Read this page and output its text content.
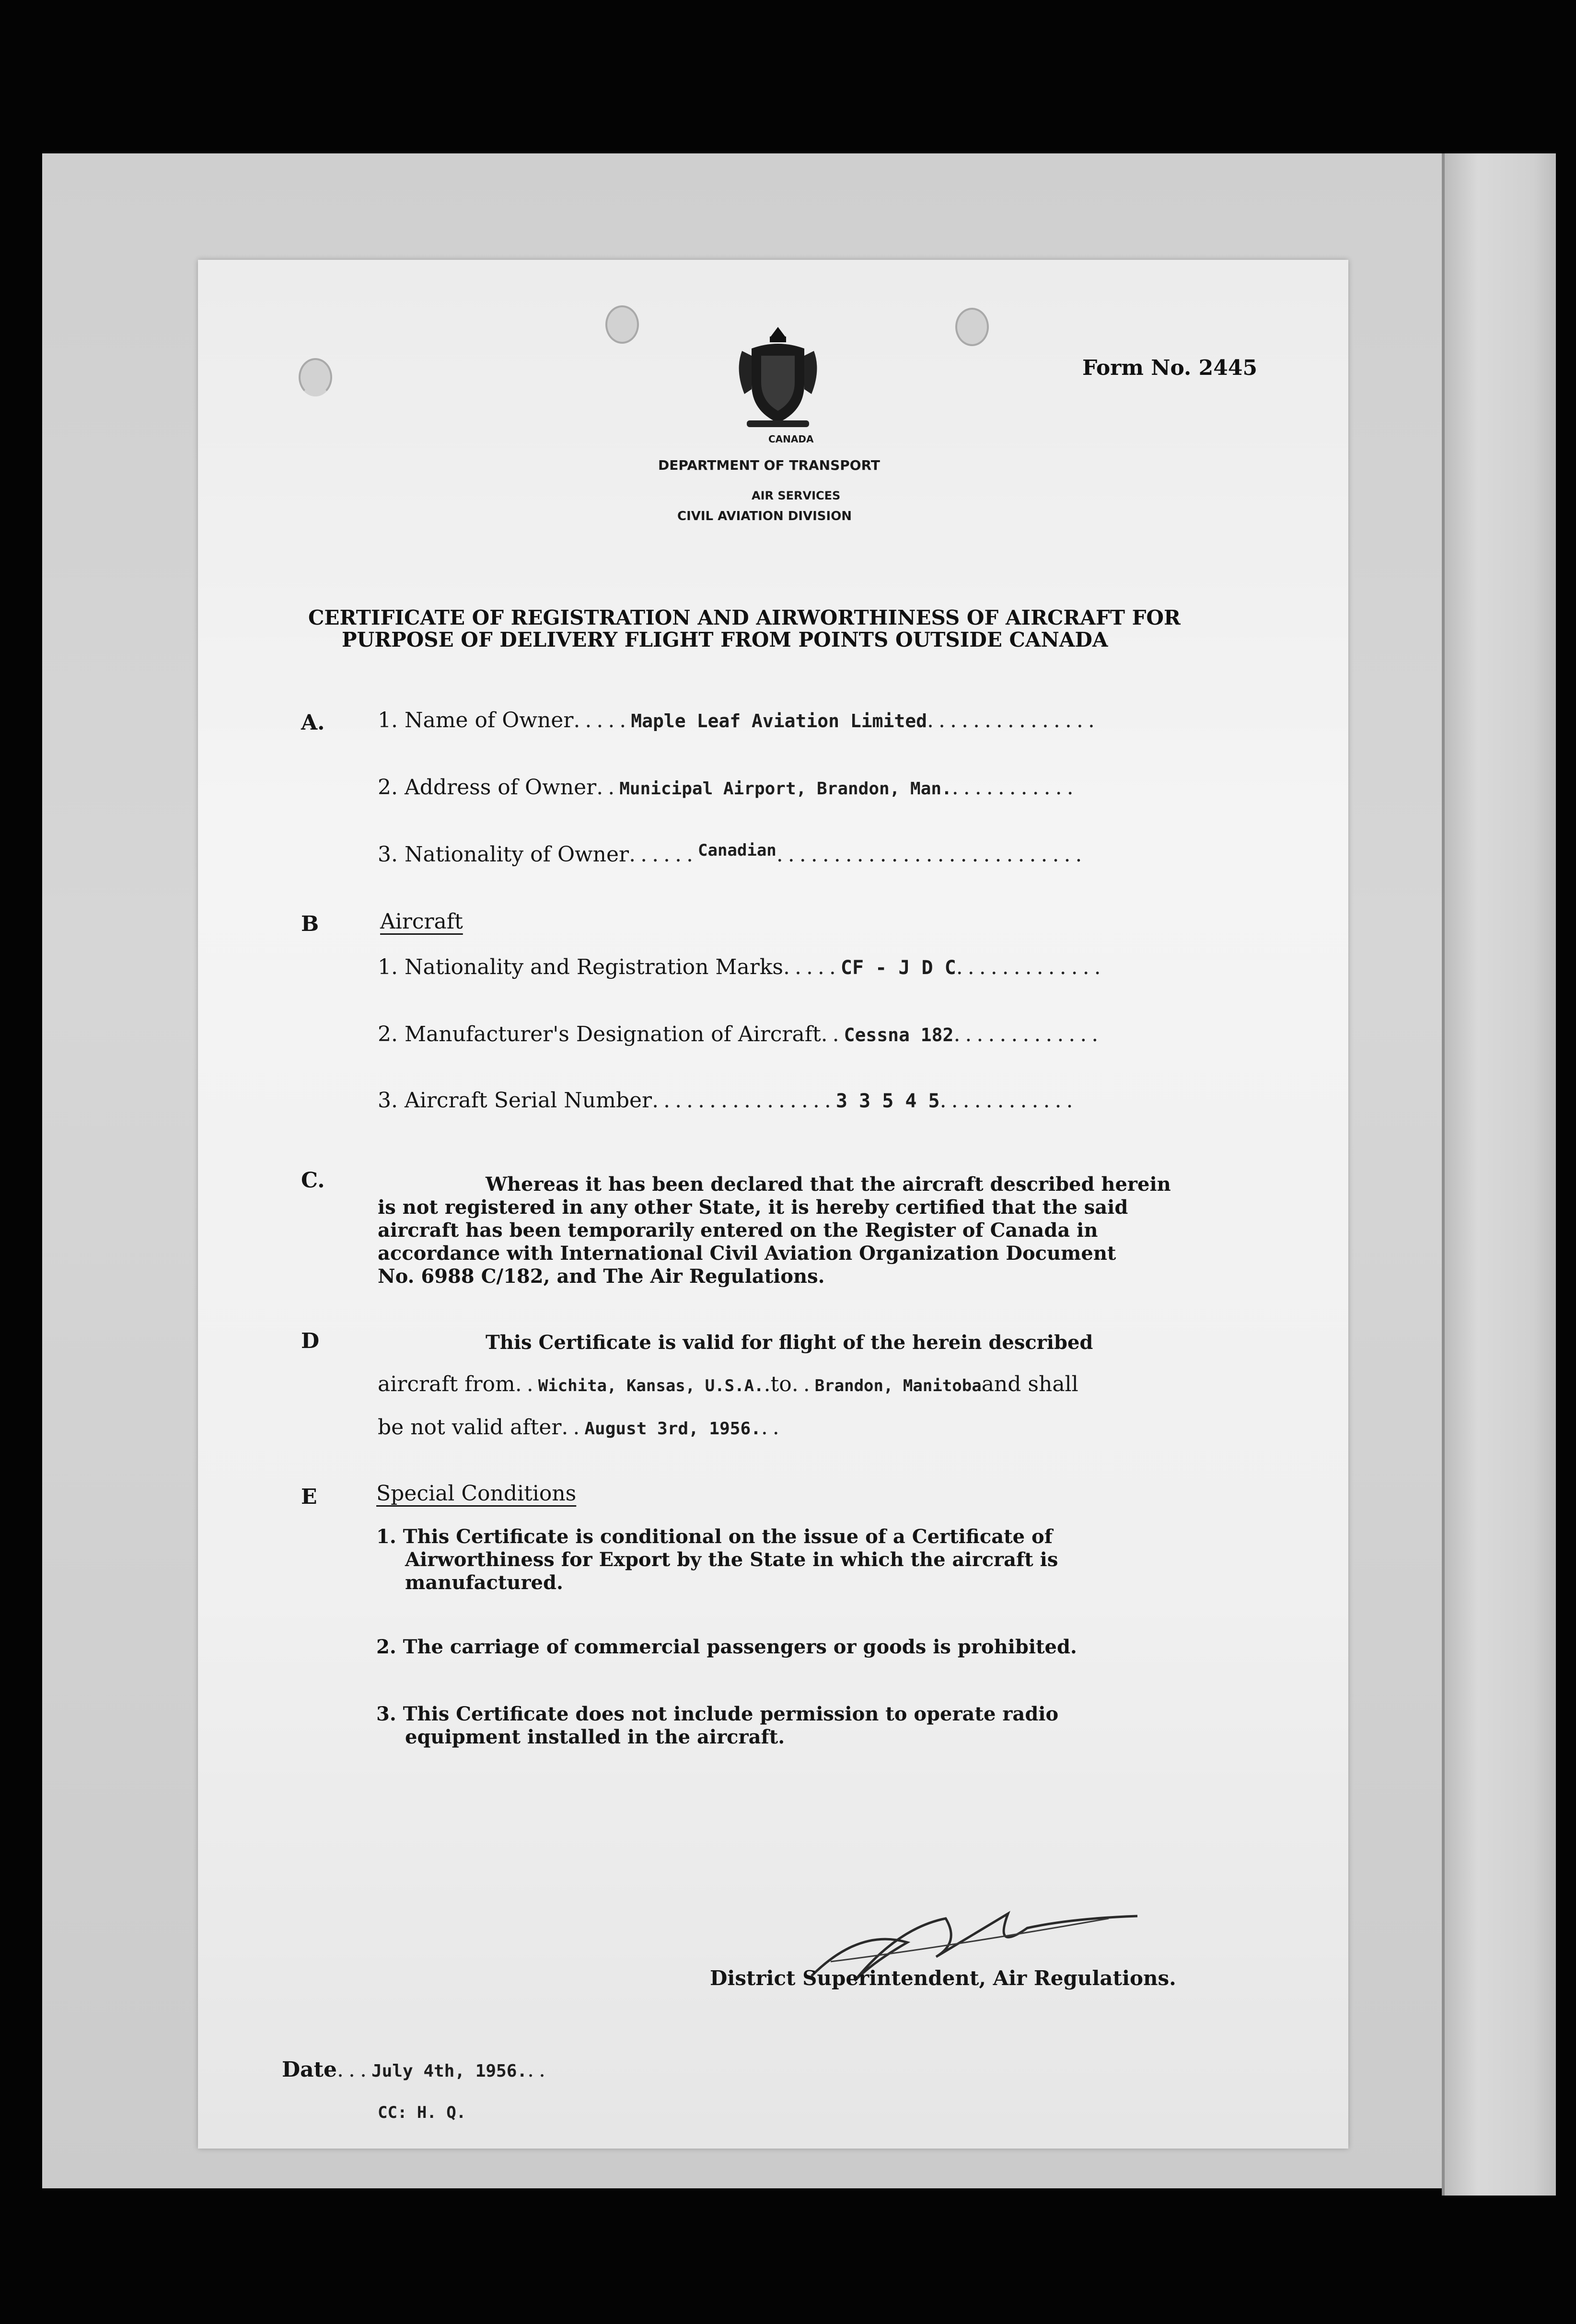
CANADA

DEPARTMENT OF TRANSPORT

AIR SERVICES

CIVIL AVIATION DIVISION

Form No. 2445

CERTIFICATE OF REGISTRATION AND AIRWORTHINESS OF AIRCRAFT FOR

PURPOSE OF DELIVERY FLIGHT FROM POINTS OUTSIDE CANADA

A.	1. Name of Owner.....Maple Leaf Aviation Limited...............
2. Address of Owner..Municipal Airport, Brandon, Man............
3. Nationality of Owner......Canadian...........................

B	Aircraft

1. Nationality and Registration Marks.....CF - J D C.............
2. Manufacturer's Designation of Aircraft..Cessna 182.............
3. Aircraft Serial Number................3 3 5 4 5............

C.	Whereas it has been declared that the aircraft described herein

is not registered in any other State, it is hereby certified that the said

aircraft has been temporarily entered on the Register of Canada in

accordance with International Civil Aviation Organization Document

No. 6988 C/182, and The Air Regulations.

D	This Certificate is valid for flight of the herein described

aircraft from..Wichita, Kansas, U.S.A..to..Brandon, Manitobaand shall
be not valid after..August 3rd, 1956...

E	Special Conditions

1. This Certificate is conditional on the issue of a Certificate of

Airworthiness for Export by the State in which the aircraft is

manufactured.

2. The carriage of commercial passengers or goods is prohibited.

3. This Certificate does not include permission to operate radio

equipment installed in the aircraft.

District Superintendent, Air Regulations.

Date...July 4th, 1956...

CC: H. Q.
